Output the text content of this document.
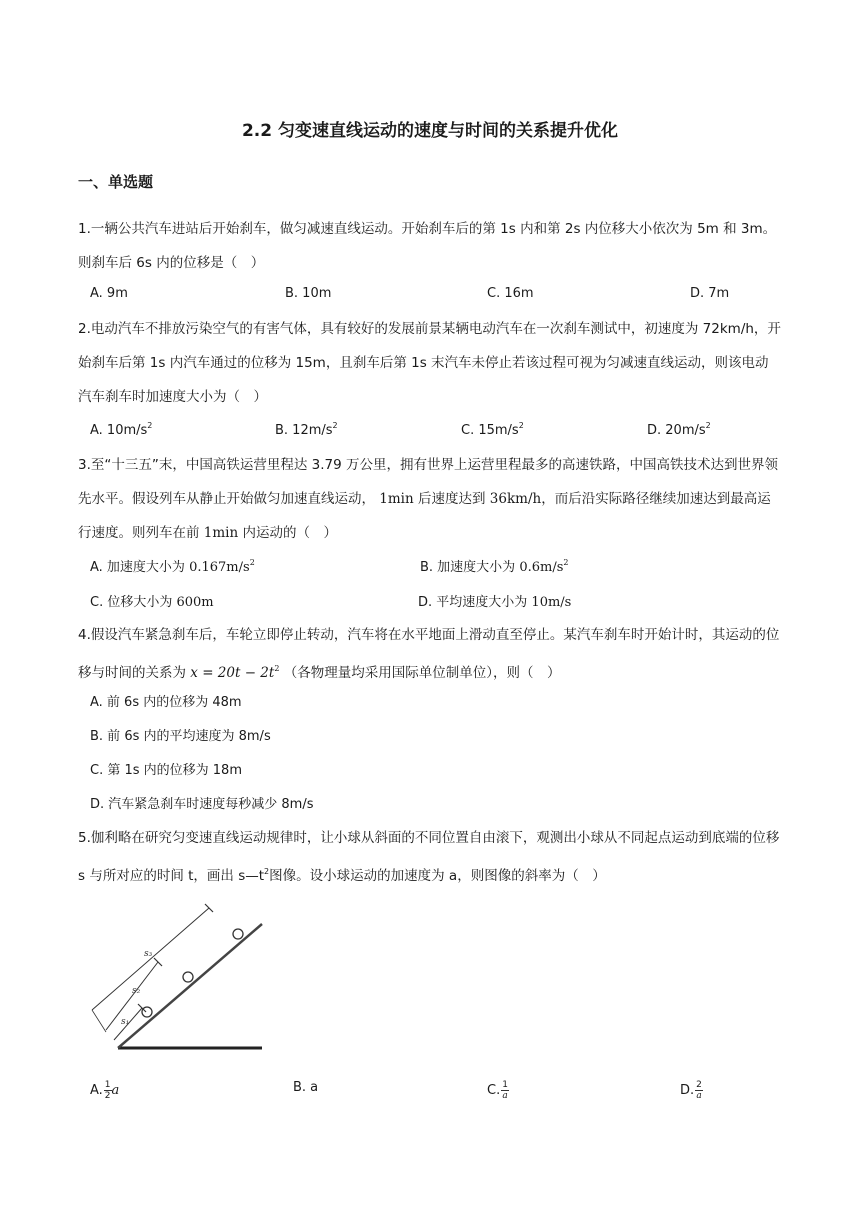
2.2 匀变速直线运动的速度与时间的关系提升优化
一、单选题
1.一辆公共汽车进站后开始刹车，做匀减速直线运动。开始刹车后的第 1s 内和第 2s 内位移大小依次为 5m 和 3m。则刹车后 6s 内的位移是（　）
A. 9m	B. 10m	C. 16m	D. 7m
2.电动汽车不排放污染空气的有害气体，具有较好的发展前景某辆电动汽车在一次刹车测试中，初速度为 72km/h，开始刹车后第 1s 内汽车通过的位移为 15m，且刹车后第 1s 末汽车未停止若该过程可视为匀减速直线运动，则该电动汽车刹车时加速度大小为（　）
A. $10m/s^2$	B. $12m/s^2$	C. $15m/s^2$	D. $20m/s^2$
3.至“十三五”末，中国高铁运营里程达 3.79 万公里，拥有世界上运营里程最多的高速铁路，中国高铁技术达到世界领先水平。假设列车从静止开始做匀加速直线运动， 1min 后速度达到 36km/h，而后沿实际路径继续加速达到最高运行速度。则列车在前 1min 内运动的（　）
A. 加速度大小为 $0.167m/s^2$	B. 加速度大小为 $0.6m/s^2$
C. 位移大小为 600m	D. 平均速度大小为 10m/s
4.假设汽车紧急刹车后，车轮立即停止转动，汽车将在水平地面上滑动直至停止。某汽车刹车时开始计时，其运动的位移与时间的关系为 $x = 20t - 2t^2$ （各物理量均采用国际单位制单位），则（　）
A. 前 6s 内的位移为 48m
B. 前 6s 内的平均速度为 8m/s
C. 第 1s 内的位移为 18m
D. 汽车紧急刹车时速度每秒减少 8m/s
5.伽利略在研究匀变速直线运动规律时，让小球从斜面的不同位置自由滚下，观测出小球从不同起点运动到底端的位移 s 与所对应的时间 t，画出 $s—t^2$图像。设小球运动的加速度为 a，则图像的斜率为（　）
s₃
s₂
s₁
A. $\frac{1}{2}$ a	B. a	C. $\frac{1}{a}$	D. $\frac{2}{a}$
